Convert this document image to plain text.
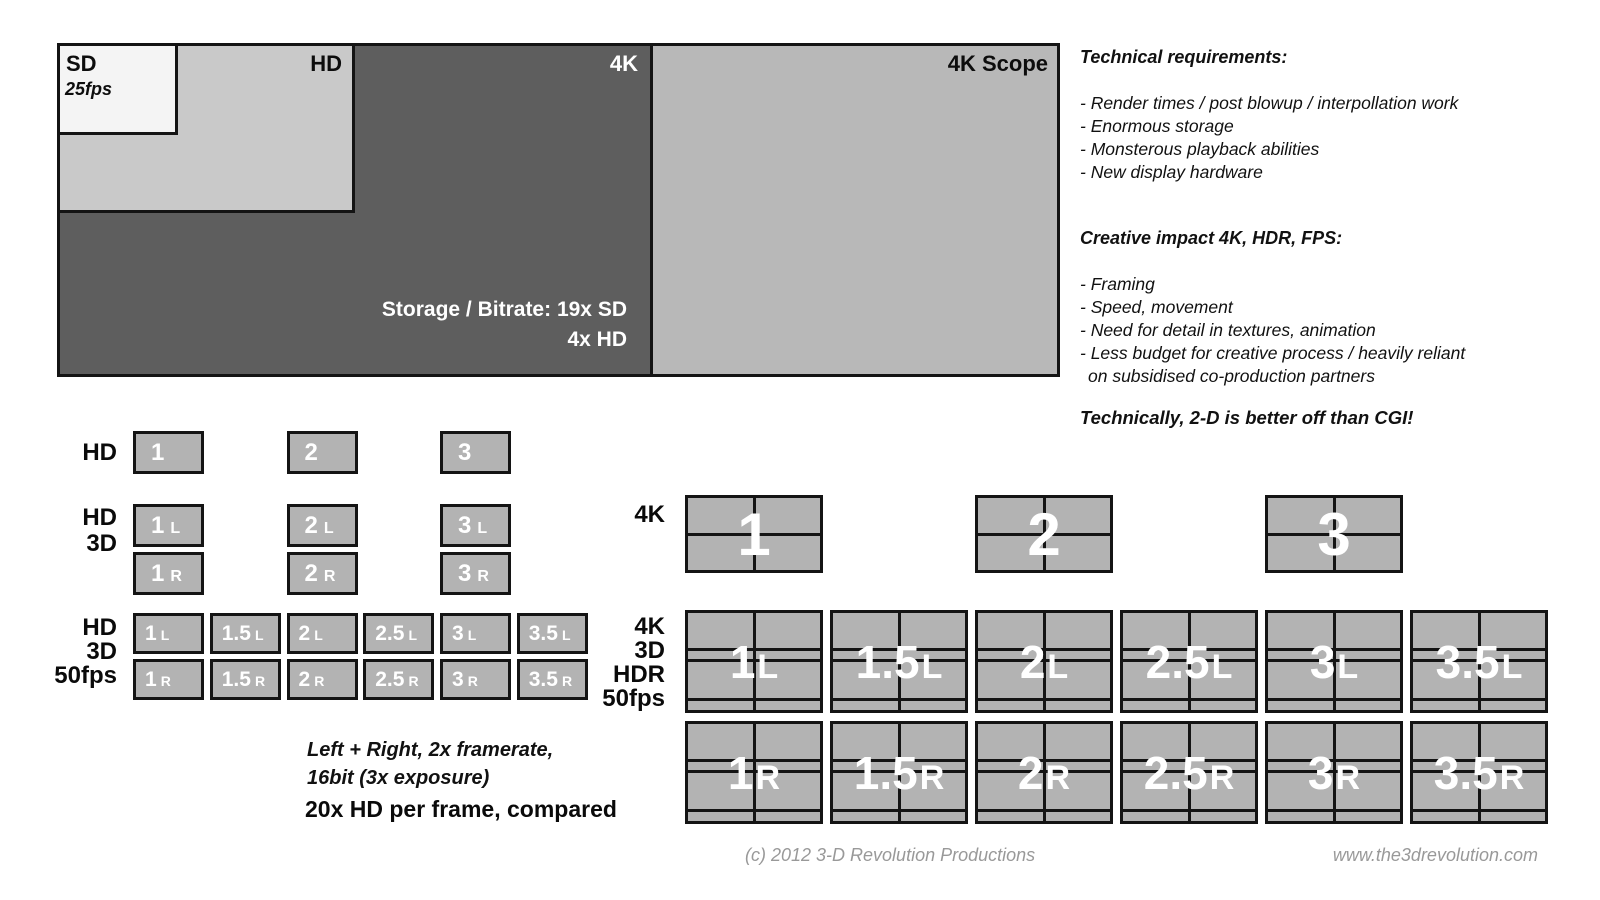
SD
25fps
HD	4K	4K Scope
Storage / Bitrate: 19x SD
4x HD
Technical requirements:
- Render times / post blowup / interpollation work
- Enormous storage
- Monsterous playback abilities
- New display hardware
Creative impact 4K, HDR, FPS:
- Framing
- Speed, movement
- Need for detail in textures, animation
- Less budget for creative process / heavily reliant
on subsidised co-production partners
Technically, 2-D is better off than CGI!
HD
HD
3D
HD
3D
50fps
4K
4K
3D
HDR
50fps
Left + Right, 2x framerate,
16bit (3x exposure)
20x HD per frame, compared
(c) 2012 3-D Revolution Productions	www.the3drevolution.com
1	2	3
1 L	2 L	3 L
1 R	2 R	3 R
1 L	1.5 L	2 L	2.5 L	3 L	3.5 L
1 R	1.5 R	2 R	2.5 R	3 R	3.5 R
1	2	3
1L 1.5L 2L 2.5L 3L 3.5L
1R 1.5R 2R 2.5R 3R 3.5R
